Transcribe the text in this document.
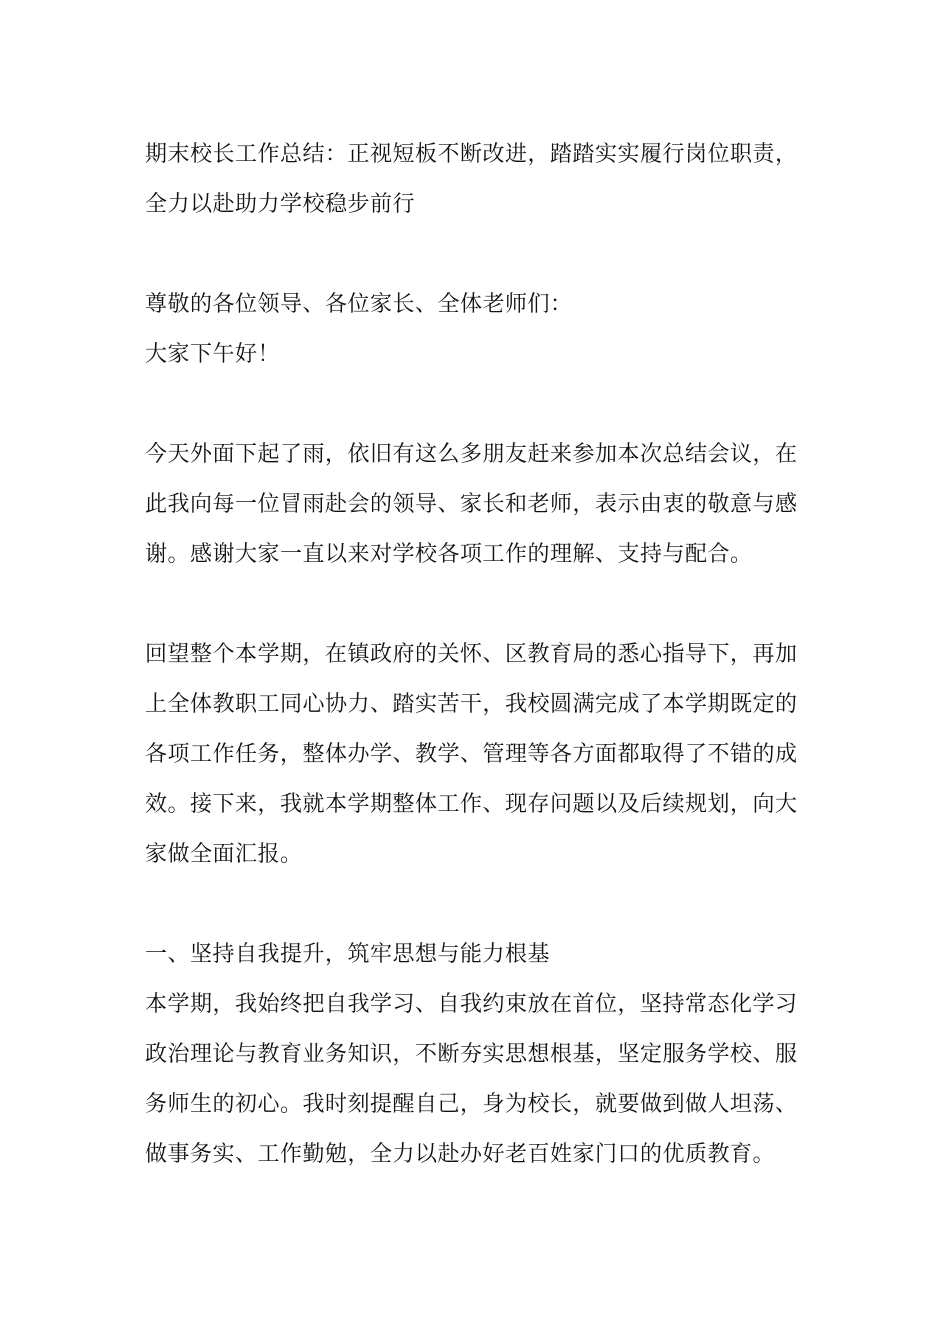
期末校长工作总结：正视短板不断改进，踏踏实实履行岗位职责，
全力以赴助力学校稳步前行
尊敬的各位领导、各位家长、全体老师们：
大家下午好！
今天外面下起了雨，依旧有这么多朋友赶来参加本次总结会议，在
此我向每一位冒雨赴会的领导、家长和老师，表示由衷的敬意与感
谢。感谢大家一直以来对学校各项工作的理解、支持与配合。
回望整个本学期，在镇政府的关怀、区教育局的悉心指导下，再加
上全体教职工同心协力、踏实苦干，我校圆满完成了本学期既定的
各项工作任务，整体办学、教学、管理等各方面都取得了不错的成
效。接下来，我就本学期整体工作、现存问题以及后续规划，向大
家做全面汇报。
一、坚持自我提升，筑牢思想与能力根基
本学期，我始终把自我学习、自我约束放在首位，坚持常态化学习
政治理论与教育业务知识，不断夯实思想根基，坚定服务学校、服
务师生的初心。我时刻提醒自己，身为校长，就要做到做人坦荡、
做事务实、工作勤勉，全力以赴办好老百姓家门口的优质教育。
